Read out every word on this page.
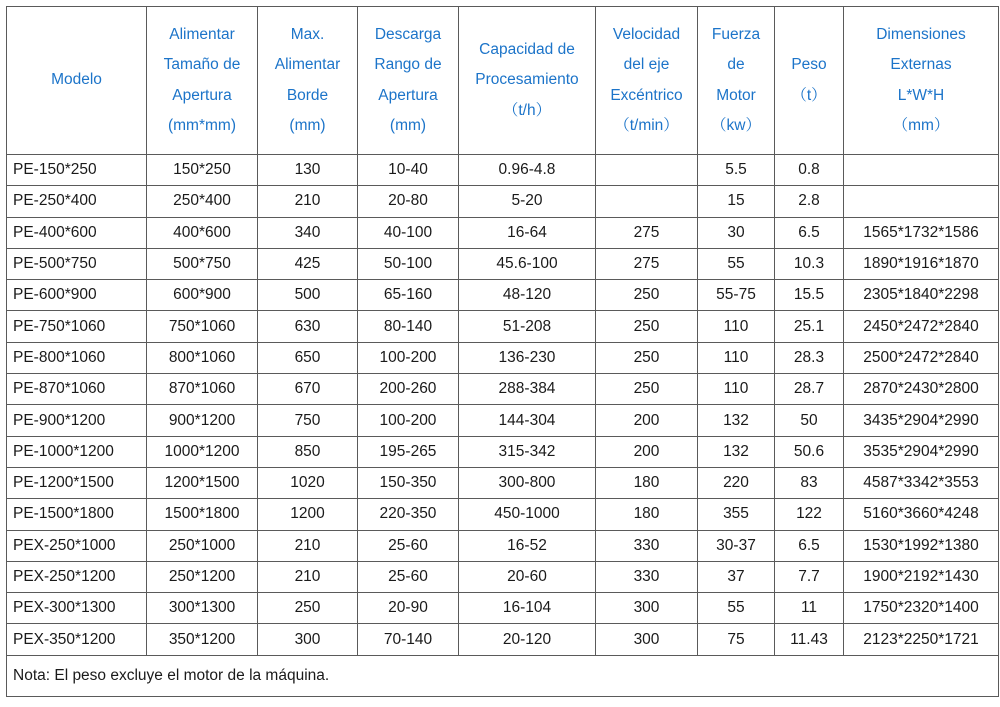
Modelo	Alimentar
Tamaño de
Apertura
(mm*mm)	Max.
Alimentar
Borde
(mm)	Descarga
Rango de
Apertura
(mm)	Capacidad de
Procesamiento
（t/h）	Velocidad
del eje
Excéntrico
（t/min）	Fuerza
de
Motor
（kw）	Peso
（t）	Dimensiones
Externas
L*W*H
（mm）

PE-150*250	150*250	130	10-40	0.96-4.8		5.5	0.8	
PE-250*400	250*400	210	20-80	5-20		15	2.8	
PE-400*600	400*600	340	40-100	16-64	275	30	6.5	1565*1732*1586
PE-500*750	500*750	425	50-100	45.6-100	275	55	10.3	1890*1916*1870
PE-600*900	600*900	500	65-160	48-120	250	55-75	15.5	2305*1840*2298
PE-750*1060	750*1060	630	80-140	51-208	250	110	25.1	2450*2472*2840
PE-800*1060	800*1060	650	100-200	136-230	250	110	28.3	2500*2472*2840
PE-870*1060	870*1060	670	200-260	288-384	250	110	28.7	2870*2430*2800
PE-900*1200	900*1200	750	100-200	144-304	200	132	50	3435*2904*2990
PE-1000*1200	1000*1200	850	195-265	315-342	200	132	50.6	3535*2904*2990
PE-1200*1500	1200*1500	1020	150-350	300-800	180	220	83	4587*3342*3553
PE-1500*1800	1500*1800	1200	220-350	450-1000	180	355	122	5160*3660*4248
PEX-250*1000	250*1000	210	25-60	16-52	330	30-37	6.5	1530*1992*1380
PEX-250*1200	250*1200	210	25-60	20-60	330	37	7.7	1900*2192*1430
PEX-300*1300	300*1300	250	20-90	16-104	300	55	11	1750*2320*1400
PEX-350*1200	350*1200	300	70-140	20-120	300	75	11.43	2123*2250*1721
Nota: El peso excluye el motor de la máquina.								
